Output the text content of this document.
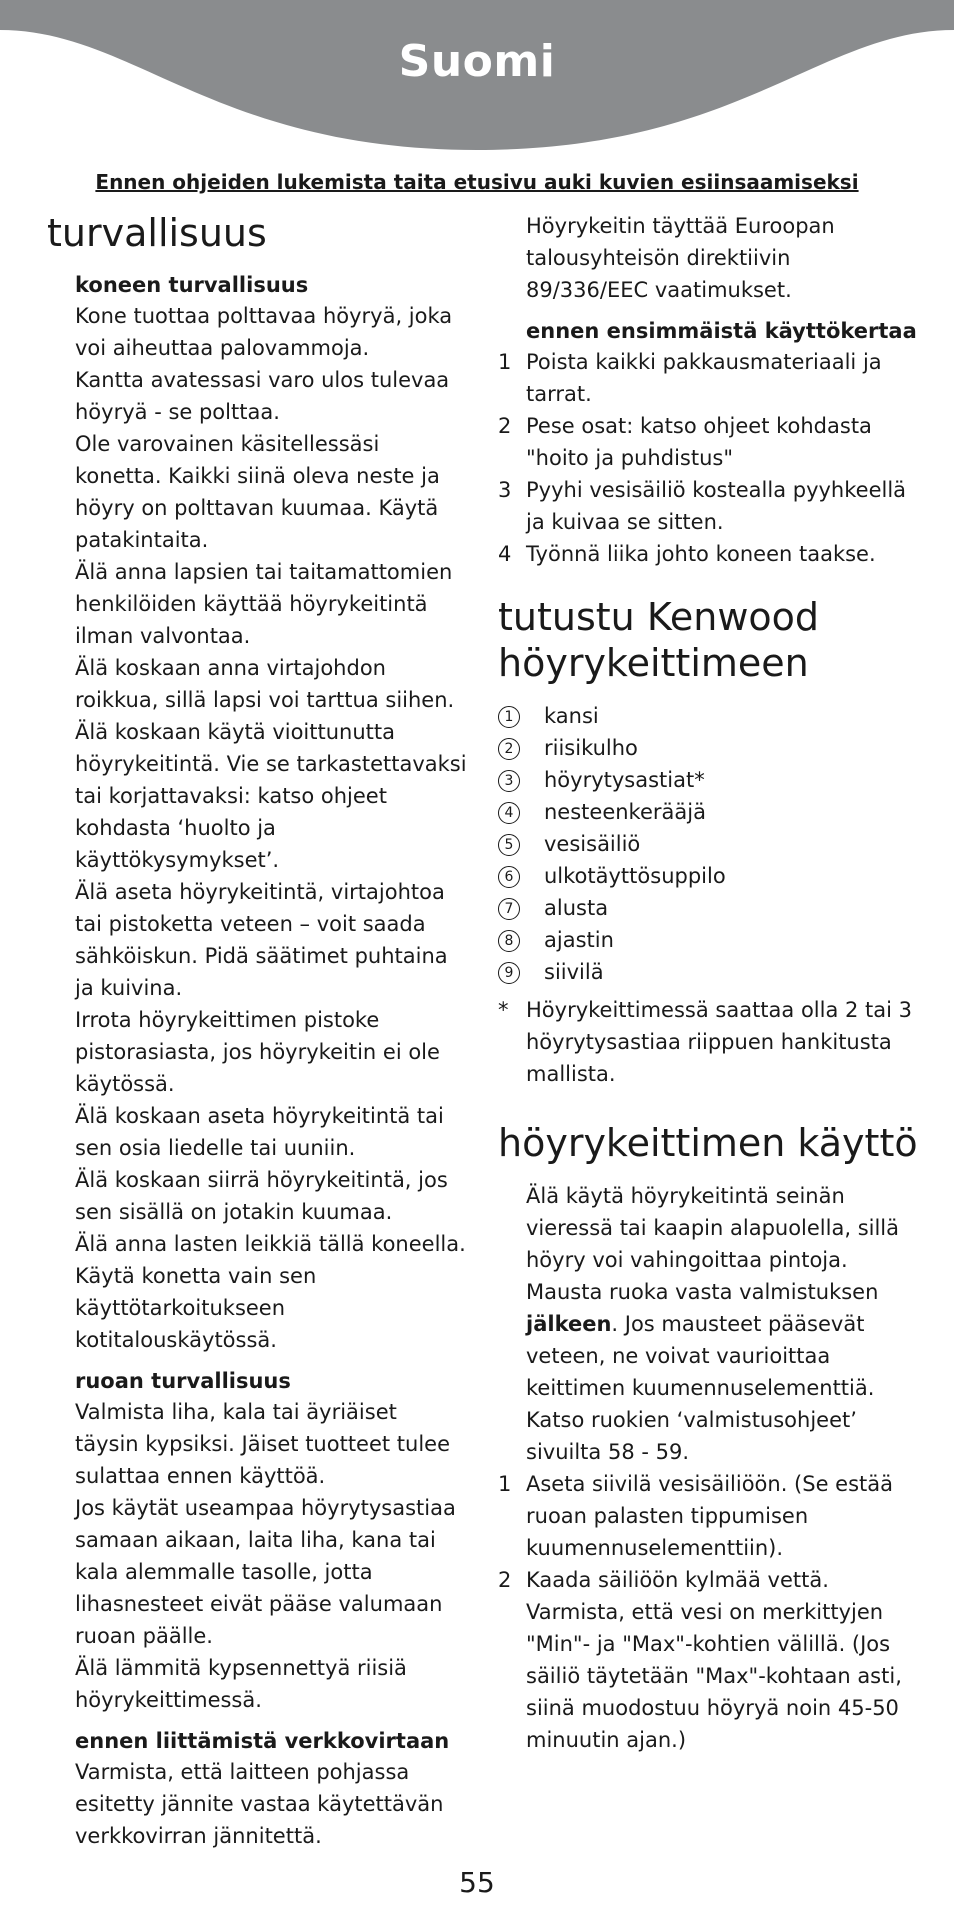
Suomi
Ennen ohjeiden lukemista taita etusivu auki kuvien esiinsaamiseksi
turvallisuus
koneen turvallisuus

Kone tuottaa polttavaa höyryä, joka voi aiheuttaa palovammoja.

Kantta avatessasi varo ulos tulevaa höyryä - se polttaa.

Ole varovainen käsitellessäsi konetta. Kaikki siinä oleva neste ja höyry on polttavan kuumaa. Käytä patakintaita.

Älä anna lapsien tai taitamattomien henkilöiden käyttää höyrykeitintä ilman valvontaa.

Älä koskaan anna virtajohdon roikkua, sillä lapsi voi tarttua siihen.

Älä koskaan käytä vioittunutta höyrykeitintä. Vie se tarkastettavaksi tai korjattavaksi: katso ohjeet kohdasta ‘huolto ja käyttökysymykset’.

Älä aseta höyrykeitintä, virtajohtoa tai pistoketta veteen – voit saada sähköiskun. Pidä säätimet puhtaina ja kuivina.

Irrota höyrykeittimen pistoke pistorasiasta, jos höyrykeitin ei ole käytössä.

Älä koskaan aseta höyrykeitintä tai sen osia liedelle tai uuniin.

Älä koskaan siirrä höyrykeitintä, jos sen sisällä on jotakin kuumaa.

Älä anna lasten leikkiä tällä koneella.

Käytä konetta vain sen käyttötarkoitukseen kotitalouskäytössä.

ruoan turvallisuus

Valmista liha, kala tai äyriäiset täysin kypsiksi. Jäiset tuotteet tulee sulattaa ennen käyttöä.

Jos käytät useampaa höyrytysastiaa samaan aikaan, laita liha, kana tai kala alemmalle tasolle, jotta lihasnesteet eivät pääse valumaan ruoan päälle.

Älä lämmitä kypsennettyä riisiä höyrykeittimessä.

ennen liittämistä verkkovirtaan

Varmista, että laitteen pohjassa esitetty jännite vastaa käytettävän verkkovirran jännitettä.

Höyrykeitin täyttää Euroopan talousyhteisön direktiivin 89/336/EEC vaatimukset.

ennen ensimmäistä käyttökertaa
1 Poista kaikki pakkausmateriaali ja tarrat.
2 Pese osat: katso ohjeet kohdasta "hoito ja puhdistus"
3 Pyyhi vesisäiliö kostealla pyyhkeellä ja kuivaa se sitten.
4 Työnnä liika johto koneen taakse.
tutustu Kenwood höyrykeittimeen
1	kansi
2	riisikulho
3	höyrytysastiat*
4	nesteenkerääjä
5	vesisäiliö
6	ulkotäyttösuppilo
7	alusta
8	ajastin
9	siivilä
* Höyrykeittimessä saattaa olla 2 tai 3 höyrytysastiaa riippuen hankitusta mallista.
höyrykeittimen käyttö

Älä käytä höyrykeitintä seinän vieressä tai kaapin alapuolella, sillä höyry voi vahingoittaa pintoja.

Mausta ruoka vasta valmistuksen jälkeen. Jos mausteet pääsevät veteen, ne voivat vaurioittaa keittimen kuumennuselementtiä.

Katso ruokien ‘valmistusohjeet’ sivuilta 58 - 59.

1 Aseta siivilä vesisäiliöön. (Se estää ruoan palasten tippumisen kuumennuselementtiin).
2 Kaada säiliöön kylmää vettä. Varmista, että vesi on merkittyjen "Min"- ja "Max"-kohtien välillä. (Jos säiliö täytetään "Max"-kohtaan asti, siinä muodostuu höyryä noin 45-50 minuutin ajan.)
55
